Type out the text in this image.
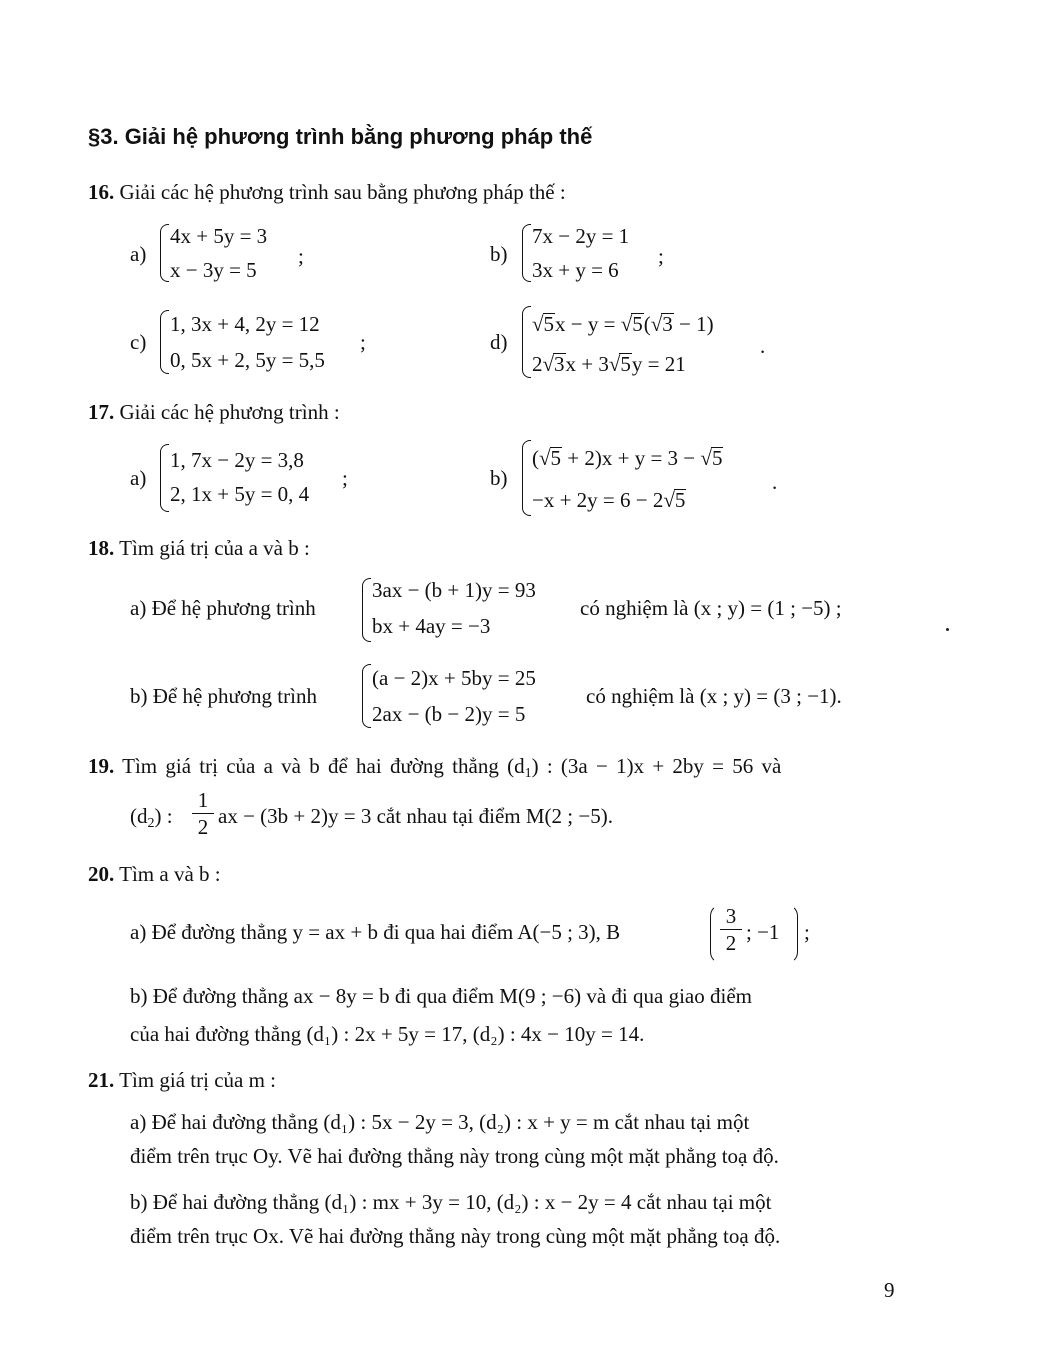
§3. Giải hệ phương trình bằng phương pháp thế
16. Giải các hệ phương trình sau bằng phương pháp thế :
a)
4x + 5y = 3
x − 3y = 5
;	b)
7x − 2y = 1
3x + y = 6
;
c)
1, 3x + 4, 2y = 12
0, 5x + 2, 5y = 5,5
;	d)
√5x − y = √5(√3 − 1)
2√3x + 3√5y = 21
.
17. Giải các hệ phương trình :
a)
1, 7x − 2y = 3,8
2, 1x + 5y = 0, 4
;	b)
(√5 + 2)x + y = 3 − √5
−x + 2y = 6 − 2√5
.
18. Tìm giá trị của a và b :
a) Để hệ phương trình
3ax − (b + 1)y = 93
bx + 4ay = −3
có nghiệm là (x ; y) = (1 ; −5) ;
b) Để hệ phương trình
(a − 2)x + 5by = 25
2ax − (b − 2)y = 5
có nghiệm là (x ; y) = (3 ; −1).
19. Tìm giá trị của a và b để hai đường thẳng $(d_1)$ : (3a − 1)x + 2by = 56 và
$(d_2)$ :
1
2 ax − (3b + 2)y = 3 cắt nhau tại điểm M(2 ; −5).
20. Tìm a và b :
a) Để đường thẳng y = ax + b đi qua hai điểm A(−5 ; 3), B
3
2 ; −1 ;
b) Để đường thẳng ax − 8y = b đi qua điểm M(9 ; −6) và đi qua giao điểm
của hai đường thẳng (d₁) : 2x + 5y = 17, (d₂) : 4x − 10y = 14.
21. Tìm giá trị của m :
a) Để hai đường thẳng (d₁) : 5x − 2y = 3, (d₂) : x + y = m cắt nhau tại một
điểm trên trục Oy. Vẽ hai đường thẳng này trong cùng một mặt phẳng toạ độ.
b) Để hai đường thẳng (d₁) : mx + 3y = 10, (d₂) : x − 2y = 4 cắt nhau tại một
điểm trên trục Ox. Vẽ hai đường thẳng này trong cùng một mặt phẳng toạ độ.
9
